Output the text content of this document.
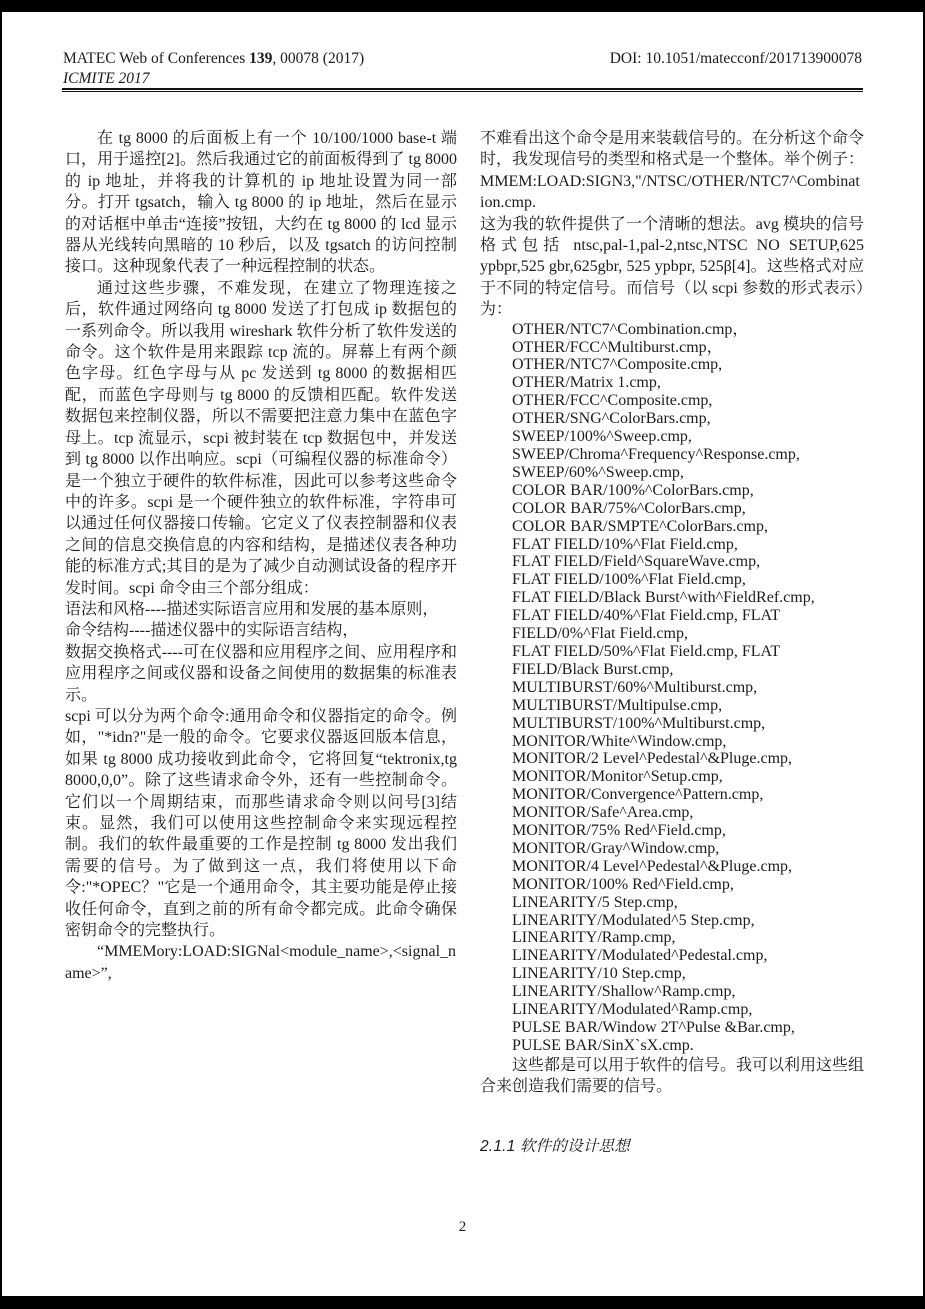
MATEC Web of Conferences 139, 00078 (2017)	DOI: 10.1051/matecconf/201713900078
ICMITE 2017

在 tg 8000 的后面板上有一个 10/100/1000 base-t 端口，用于遥控[2]。然后我通过它的前面板得到了 tg 8000 的 ip 地址，并将我的计算机的 ip 地址设置为同一部分。打开 tgsatch，输入 tg 8000 的 ip 地址，然后在显示的对话框中单击“连接”按钮，大约在 tg 8000 的 lcd 显示器从光线转向黑暗的 10 秒后，以及 tgsatch 的访问控制接口。这种现象代表了一种远程控制的状态。

通过这些步骤，不难发现，在建立了物理连接之后，软件通过网络向 tg 8000 发送了打包成 ip 数据包的一系列命令。所以我用 wireshark 软件分析了软件发送的命令。这个软件是用来跟踪 tcp 流的。屏幕上有两个颜色字母。红色字母与从 pc 发送到 tg 8000 的数据相匹配，而蓝色字母则与 tg 8000 的反馈相匹配。软件发送数据包来控制仪器，所以不需要把注意力集中在蓝色字母上。tcp 流显示，scpi 被封装在 tcp 数据包中，并发送到 tg 8000 以作出响应。scpi（可编程仪器的标准命令）是一个独立于硬件的软件标准，因此可以参考这些命令中的许多。scpi 是一个硬件独立的软件标准，字符串可以通过任何仪器接口传输。它定义了仪表控制器和仪表之间的信息交换信息的内容和结构，是描述仪表各种功能的标准方式;其目的是为了减少自动测试设备的程序开发时间。scpi 命令由三个部分组成：

语法和风格----描述实际语言应用和发展的基本原则，

命令结构----描述仪器中的实际语言结构，

数据交换格式----可在仪器和应用程序之间、应用程序和应用程序之间或仪器和设备之间使用的数据集的标准表示。

scpi 可以分为两个命令:通用命令和仪器指定的命令。例如，"*idn?"是一般的命令。它要求仪器返回版本信息，如果 tg 8000 成功接收到此命令，它将回复“tektronix,tg 8000,0,0”。除了这些请求命令外，还有一些控制命令。它们以一个周期结束，而那些请求命令则以问号[3]结束。显然，我们可以使用这些控制命令来实现远程控制。我们的软件最重要的工作是控制 tg 8000 发出我们需要的信号。为了做到这一点，我们将使用以下命令:"*OPEC？"它是一个通用命令，其主要功能是停止接收任何命令，直到之前的所有命令都完成。此命令确保密钥命令的完整执行。

“MMEMory:LOAD:SIGNal<module_name>,<signal_name>”,

不难看出这个命令是用来装载信号的。在分析这个命令时，我发现信号的类型和格式是一个整体。举个例子：

MMEM:LOAD:SIGN3,"/NTSC/OTHER/NTC7^Combination.cmp.

这为我的软件提供了一个清晰的想法。avg 模块的信号格式包括 ntsc,pal-1,pal-2,ntsc,NTSC NO SETUP,625 ypbpr,525 gbr,625gbr, 525 ypbpr, 525β[4]。这些格式对应于不同的特定信号。而信号（以 scpi 参数的形式表示）为：

OTHER/NTC7^Combination.cmp，
OTHER/FCC^Multiburst.cmp，
OTHER/NTC7^Composite.cmp,
OTHER/Matrix 1.cmp,
OTHER/FCC^Composite.cmp,
OTHER/SNG^ColorBars.cmp,
SWEEP/100%^Sweep.cmp,
SWEEP/Chroma^Frequency^Response.cmp,
SWEEP/60%^Sweep.cmp,
COLOR BAR/100%^ColorBars.cmp,
COLOR BAR/75%^ColorBars.cmp,
COLOR BAR/SMPTE^ColorBars.cmp,
FLAT FIELD/10%^Flat Field.cmp,
FLAT FIELD/Field^SquareWave.cmp,
FLAT FIELD/100%^Flat Field.cmp,
FLAT FIELD/Black Burst^with^FieldRef.cmp,
FLAT FIELD/40%^Flat Field.cmp, FLAT
FIELD/0%^Flat Field.cmp,
FLAT FIELD/50%^Flat Field.cmp, FLAT
FIELD/Black Burst.cmp,
MULTIBURST/60%^Multiburst.cmp,
MULTIBURST/Multipulse.cmp,
MULTIBURST/100%^Multiburst.cmp,
MONITOR/White^Window.cmp,
MONITOR/2 Level^Pedestal^&Pluge.cmp,
MONITOR/Monitor^Setup.cmp,
MONITOR/Convergence^Pattern.cmp,
MONITOR/Safe^Area.cmp,
MONITOR/75% Red^Field.cmp,
MONITOR/Gray^Window.cmp,
MONITOR/4 Level^Pedestal^&Pluge.cmp,
MONITOR/100% Red^Field.cmp,
LINEARITY/5 Step.cmp,
LINEARITY/Modulated^5 Step.cmp,
LINEARITY/Ramp.cmp,
LINEARITY/Modulated^Pedestal.cmp,
LINEARITY/10 Step.cmp,
LINEARITY/Shallow^Ramp.cmp,
LINEARITY/Modulated^Ramp.cmp,
PULSE BAR/Window 2T^Pulse &Bar.cmp,
PULSE BAR/SinX`sX.cmp.

这些都是可以用于软件的信号。我可以利用这些组合来创造我们需要的信号。

2.1.1 软件的设计思想
2
